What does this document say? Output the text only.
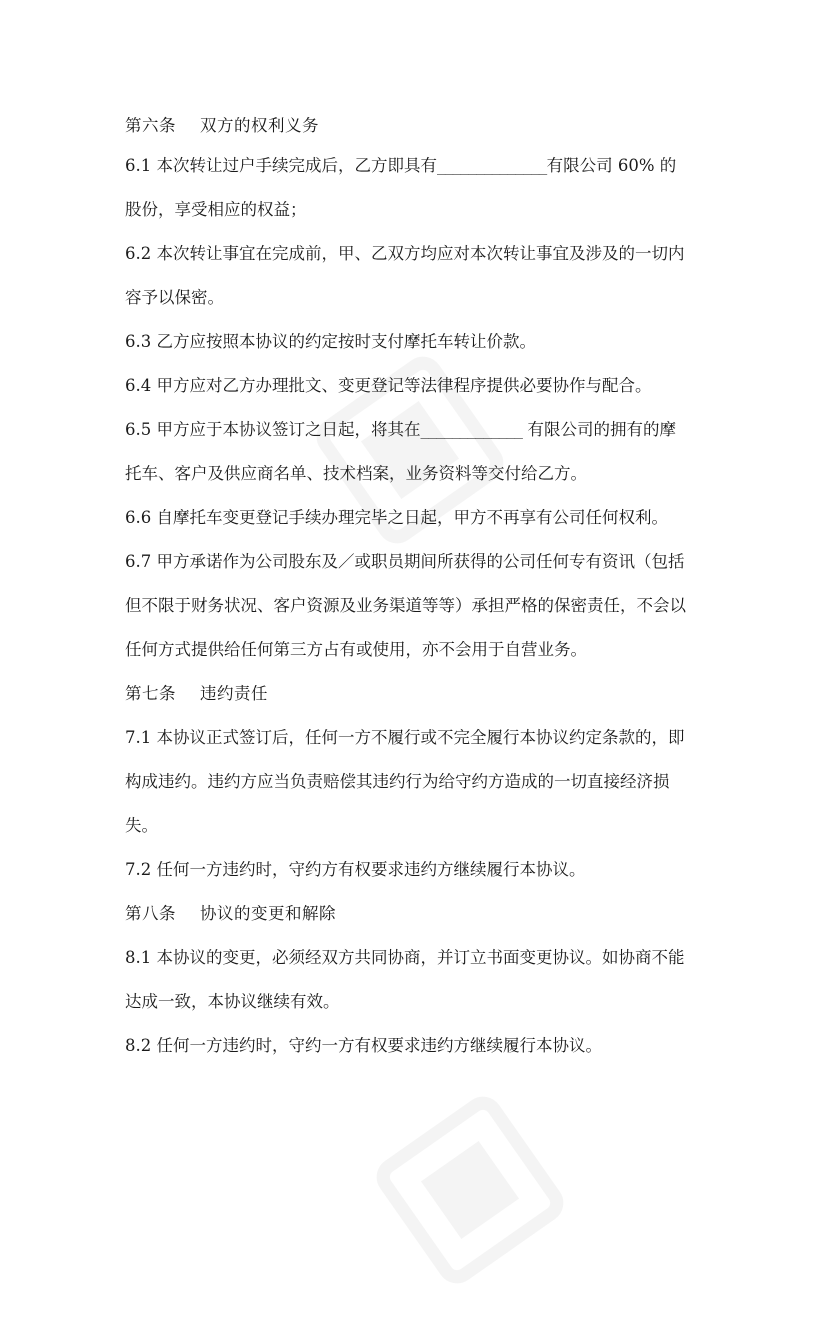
第六条 双方的权利义务

6.1 本次转让过户手续完成后，乙方即具有______________有限公司 60% 的

股份，享受相应的权益；

6.2 本次转让事宜在完成前，甲、乙双方均应对本次转让事宜及涉及的一切内

容予以保密。

6.3 乙方应按照本协议的约定按时支付摩托车转让价款。

6.4 甲方应对乙方办理批文、变更登记等法律程序提供必要协作与配合。

6.5 甲方应于本协议签订之日起，将其在_____________ 有限公司的拥有的摩

托车、客户及供应商名单、技术档案，业务资料等交付给乙方。

6.6 自摩托车变更登记手续办理完毕之日起，甲方不再享有公司任何权利。

6.7 甲方承诺作为公司股东及／或职员期间所获得的公司任何专有资讯（包括

但不限于财务状况、客户资源及业务渠道等等）承担严格的保密责任，不会以

任何方式提供给任何第三方占有或使用，亦不会用于自营业务。

第七条 违约责任

7.1 本协议正式签订后，任何一方不履行或不完全履行本协议约定条款的，即

构成违约。违约方应当负责赔偿其违约行为给守约方造成的一切直接经济损

失。

7.2 任何一方违约时，守约方有权要求违约方继续履行本协议。

第八条 协议的变更和解除

8.1 本协议的变更，必须经双方共同协商，并订立书面变更协议。如协商不能

达成一致，本协议继续有效。

8.2 任何一方违约时，守约一方有权要求违约方继续履行本协议。
